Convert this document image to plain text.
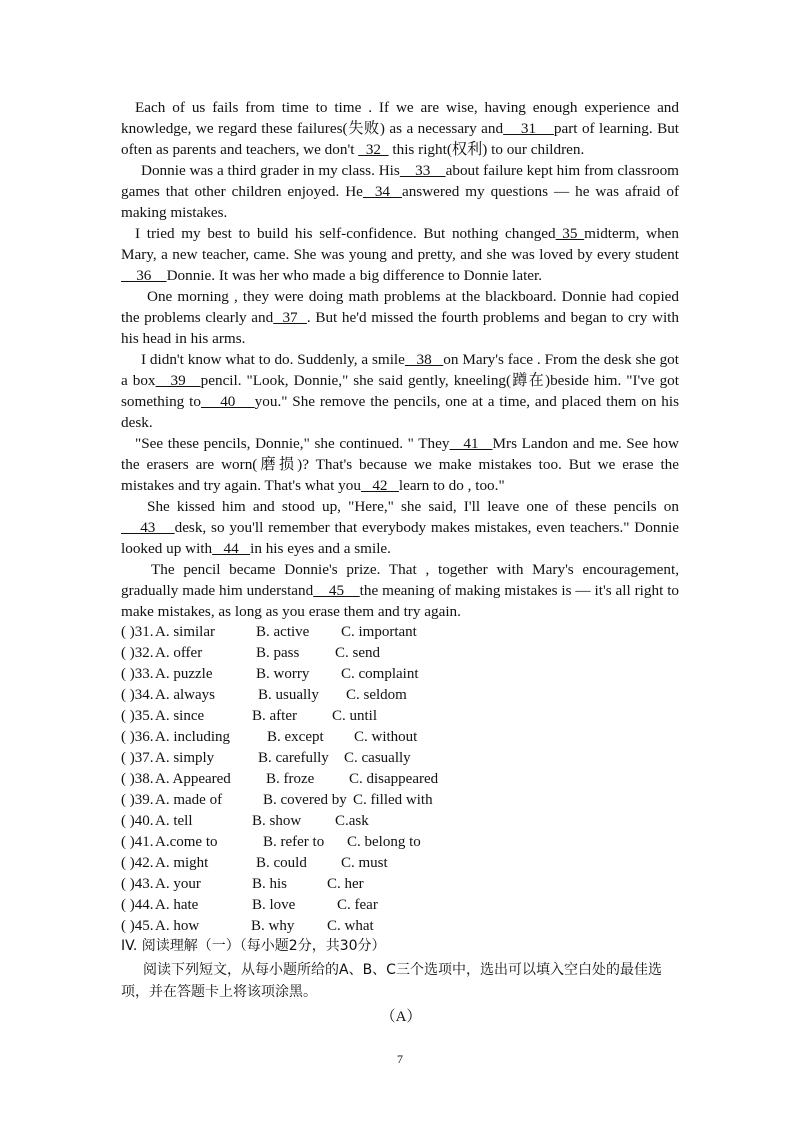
Each of us fails from time to time . If we are wise, having enough experience and knowledge, we regard these failures(失败) as a necessary and    31    part of learning. But often as parents and teachers, we don't   32   this right(权利) to our children.

Donnie was a third grader in my class. His    33    about failure kept him from classroom games that other children enjoyed. He  34  answered my questions — he was afraid of making mistakes.

I tried my best to build his self-confidence. But nothing changed 35 midterm, when Mary, a new teacher, came. She was young and pretty, and she was loved by every student    36    Donnie. It was her who made a big difference to Donnie later.

One morning , they were doing math problems at the blackboard. Donnie had copied the problems clearly and  37  . But he'd missed the fourth problems and began to cry with his head in his arms.

I didn't know what to do. Suddenly, a smile   38   on Mary's face . From the desk she got a box   39   pencil. "Look, Donnie," she said gently, kneeling(蹲在)beside him. "I've got something to    40    you." She remove the pencils, one at a time, and placed them on his desk.

"See these pencils, Donnie," she continued. " They   41   Mrs Landon and me. See how the erasers are worn(磨损)? That's because we make mistakes too. But we erase the mistakes and try again. That's what you   42   learn to do , too."

She kissed him and stood up, "Here," she said, I'll leave one of these pencils on    43    desk, so you'll remember that everybody makes mistakes, even teachers." Donnie looked up with   44   in his eyes and a smile.

The pencil became Donnie's prize. That , together with Mary's encouragement, gradually made him understand    45    the meaning of making mistakes is — it's all right to make mistakes, as long as you erase them and try again.

( )31. A. similar	B. active C. important
( )32. A. offer	B. pass C. send
( )33. A. puzzle	B. worry C. complaint
( )34. A. always	B. usually C. seldom
( )35. A. since	B. after C. until
( )36. A. including B. except C. without
( )37. A. simply	B. carefully C. casually
( )38. A. Appeared B. froze C. disappeared
( )39. A. made of	B. covered by C. filled with
( )40. A. tell	B. show C.ask
( )41. A.come to	B. refer to C. belong to
( )42. A. might	B. could C. must
( )43. A. your	B. his	C. her
( )44. A. hate	B. love	C. fear
( )45. A. how	B. why C. what

IV. 阅读理解（一）（每小题2分，共30分）

阅读下列短文，从每小题所给的A、B、C三个选项中，选出可以填入空白处的最佳选项，并在答题卡上将该项涂黑。

（A）
7
